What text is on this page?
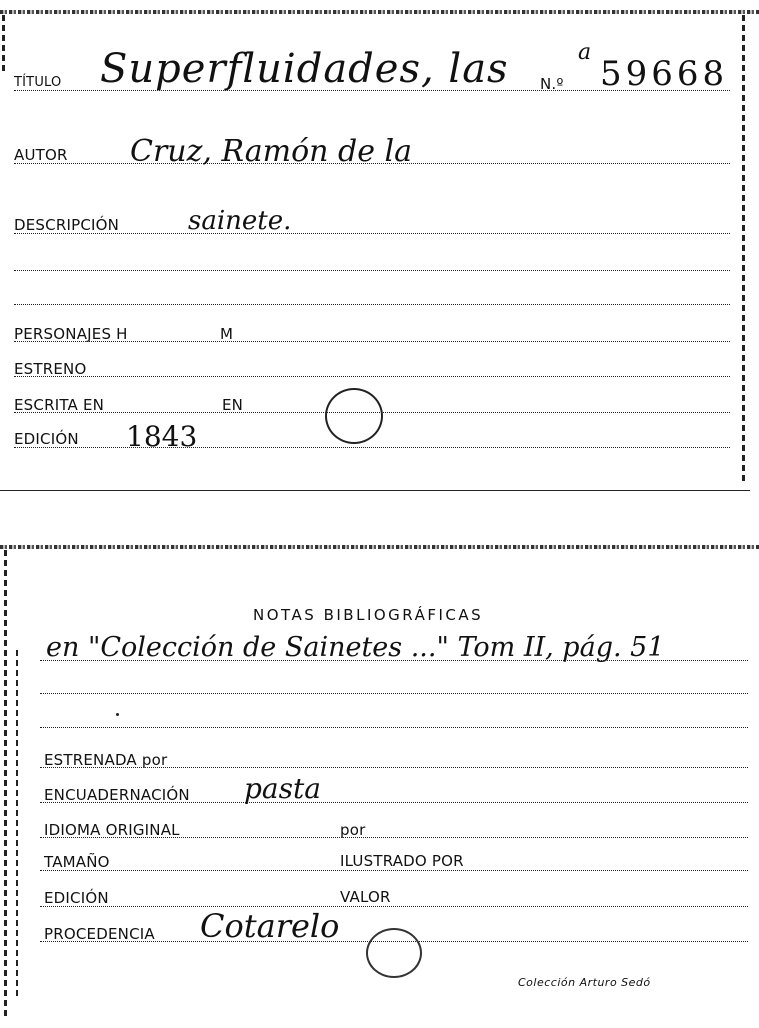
TÍTULO Superfluidades, las N.º
a
59668
AUTOR Cruz, Ramón de la
DESCRIPCIÓN	sainete.
PERSONAJES H	M
ESTRENO
ESCRITA EN	EN
EDICIÓN 1843
NOTAS BIBLIOGRÁFICAS
en "Colección de Sainetes ..." Tom II, pág. 51
ESTRENADA por
ENCUADERNACIÓN pasta
IDIOMA ORIGINAL	por
TAMAÑO	ILUSTRADO POR
EDICIÓN	VALOR
PROCEDENCIA Cotarelo
Colección Arturo Sedó
